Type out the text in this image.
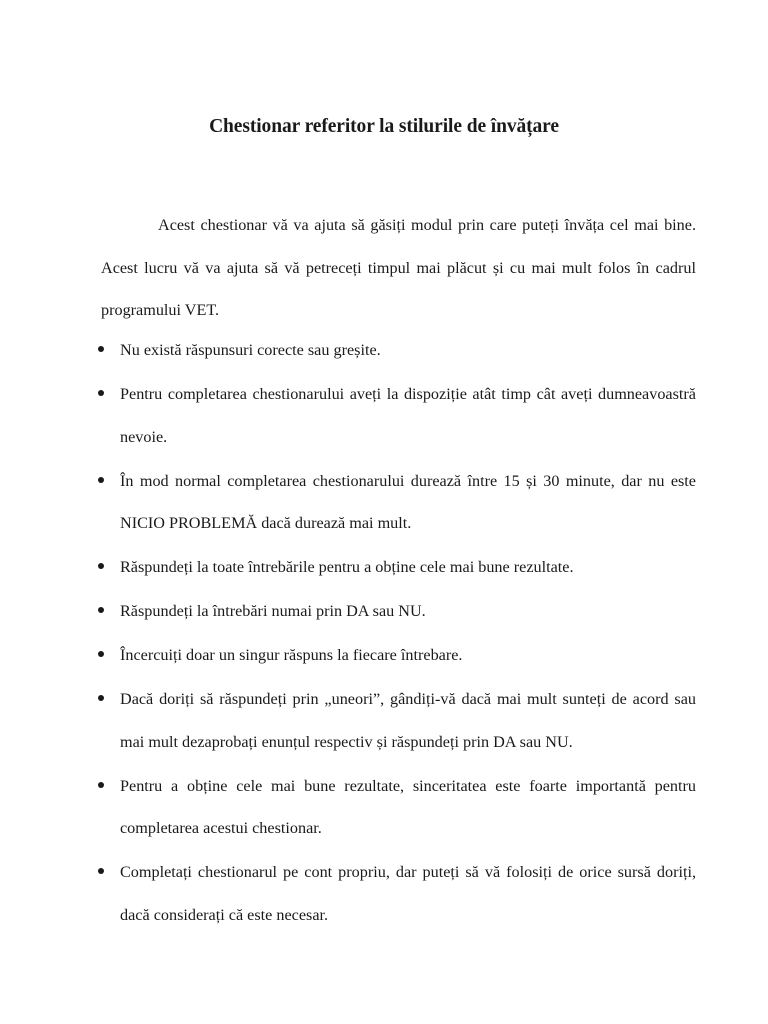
Chestionar referitor la stilurile de învățare

Acest chestionar vă va ajuta să găsiți modul prin care puteți învăța cel mai bine. Acest lucru vă va ajuta să vă petreceți timpul mai plăcut și cu mai mult folos în cadrul programului VET.

Nu există răspunsuri corecte sau greșite.
Pentru completarea chestionarului aveți la dispoziție atât timp cât aveți dumneavoastră nevoie.
În mod normal completarea chestionarului durează între 15 și 30 minute, dar nu este NICIO PROBLEMĂ dacă durează mai mult.
Răspundeți la toate întrebările pentru a obține cele mai bune rezultate.
Răspundeți la întrebări numai prin DA sau NU.
Încercuiți doar un singur răspuns la fiecare întrebare.
Dacă doriți să răspundeți prin „uneori”, gândiți-vă dacă mai mult sunteți de acord sau mai mult dezaprobați enunțul respectiv și răspundeți prin DA sau NU.
Pentru a obține cele mai bune rezultate, sinceritatea este foarte importantă pentru completarea acestui chestionar.
Completați chestionarul pe cont propriu, dar puteți să vă folosiți de orice sursă doriți, dacă considerați că este necesar.
